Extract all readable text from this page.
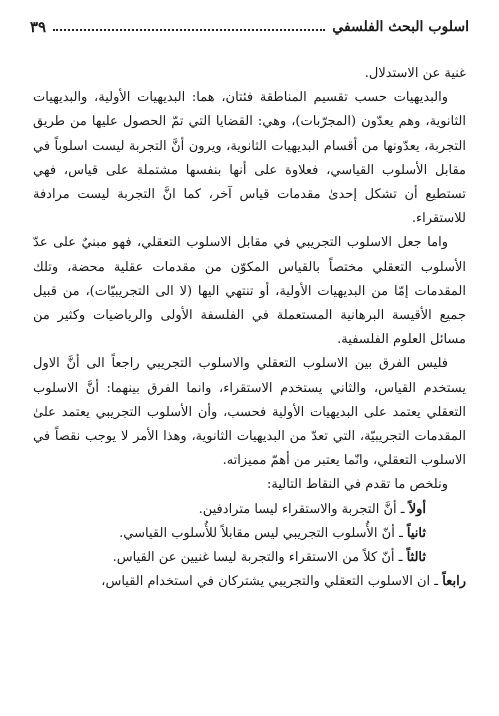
اسلوب البحث الفلسفي
٣٩

غنية عن الاستدلال.

والبديهيات حسب تقسيم المناطقة فئتان، هما: البديهيات الأولية، والبديهيات الثانوية، وهم يعدّون (المجرّبات)، وهي: القضايا التي تمّ الحصول عليها من طريق التجربة، يعدّونها من أقسام البديهيات الثانوية، ويرون أنَّ التجربة ليست اسلوباً في مقابل الأسلوب القياسي، فعلاوة على أنها بنفسها مشتملة على قياس، فهي تستطيع أن تشكل إحدىٰ مقدمات قياس آخر، كما انَّ التجربة ليست مرادفة للاستقراء.

واما جعل الاسلوب التجريبي في مقابل الاسلوب التعقلي، فهو مبنيٌ على عدّ الأسلوب التعقلي مختصاً بالقياس المكوّن من مقدمات عقلية محضة، وتلك المقدمات إمّا من البديهيات الأولية، أو تنتهي اليها (لا الى التجريبيّات)، من قبيل جميع الأقيسة البرهانية المستعملة في الفلسفة الأولى والرياضيات وكثير من مسائل العلوم الفلسفية.

فليس الفرق بين الاسلوب التعقلي والاسلوب التجريبي راجعاً الى أنَّ الاول يستخدم القياس، والثاني يستخدم الاستقراء، وانما الفرق بينهما: أنَّ الاسلوب التعقلي يعتمد على البديهيات الأولية فحسب، وأن الأسلوب التجريبي يعتمد علىٰ المقدمات التجريبيّة، التي تعدّ من البديهيات الثانوية، وهذا الأمر لا يوجب نقصاً في الاسلوب التعقلي، وانّما يعتبر من أهمّ مميزاته.

ونلخص ما تقدم في النقاط التالية:

أولاً ـ أنَّ التجربة والاستقراء ليسا مترادفين.

ثانياً ـ أنّ الأُسلوب التجريبي ليس مقابلاً للأُسلوب القياسي.

ثالثاً ـ أنّ كلاً من الاستقراء والتجربة ليسا غنيين عن القياس.

رابعاً ـ ان الاسلوب التعقلي والتجريبي يشتركان في استخدام القياس،
